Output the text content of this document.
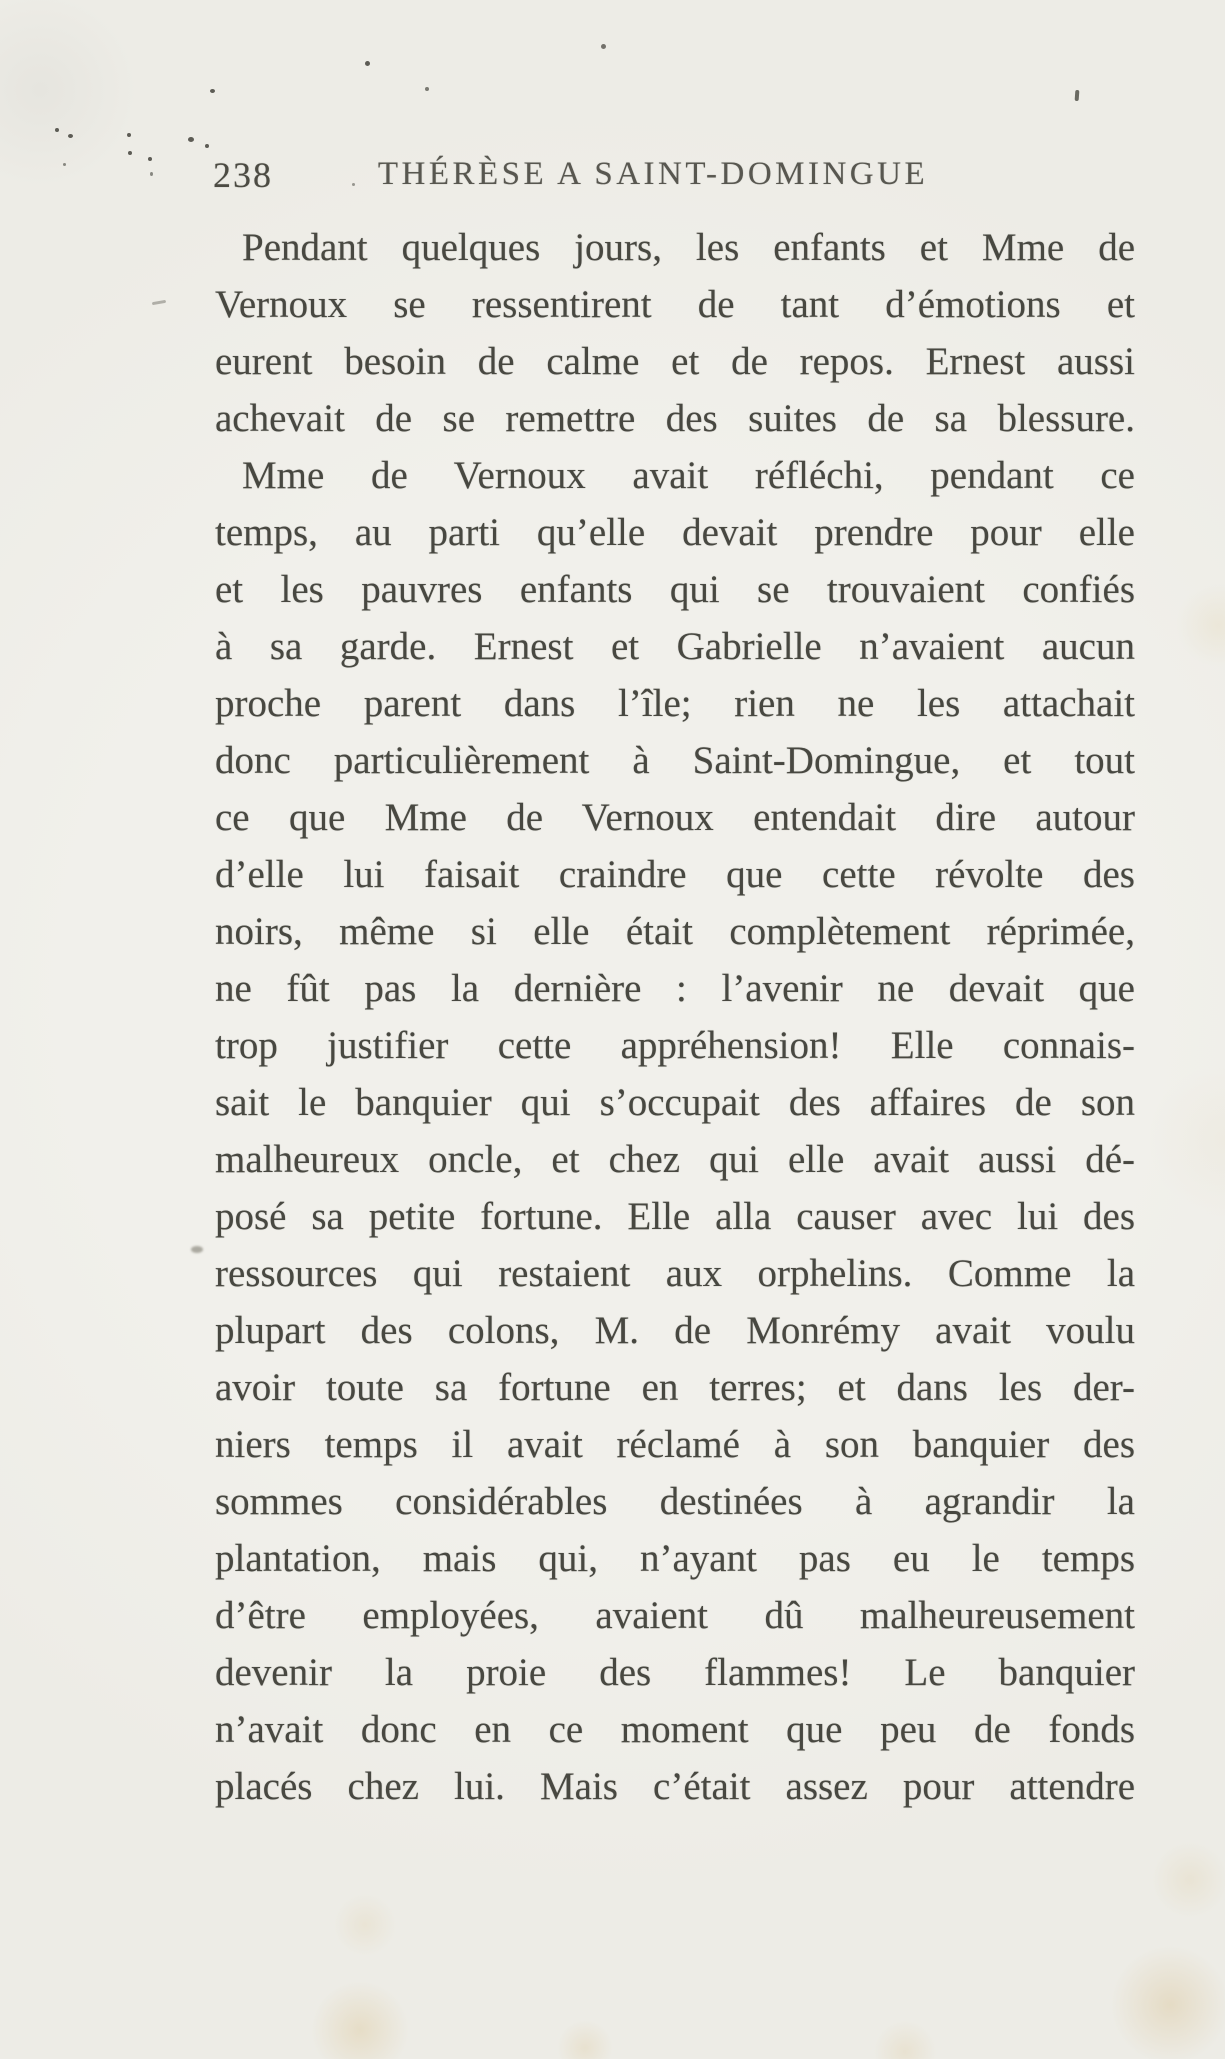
238	THÉRÈSE A SAINT-DOMINGUE
Pendant quelques jours, les enfants et Mme de
Vernoux se ressentirent de tant d’émotions et
eurent besoin de calme et de repos. Ernest aussi
achevait de se remettre des suites de sa blessure.
Mme de Vernoux avait réfléchi, pendant ce
temps, au parti qu’elle devait prendre pour elle
et les pauvres enfants qui se trouvaient confiés
à sa garde. Ernest et Gabrielle n’avaient aucun
proche parent dans l’île; rien ne les attachait
donc particulièrement à Saint-Domingue, et tout
ce que Mme de Vernoux entendait dire autour
d’elle lui faisait craindre que cette révolte des
noirs, même si elle était complètement réprimée,
ne fût pas la dernière : l’avenir ne devait que
trop justifier cette appréhension! Elle connais-
sait le banquier qui s’occupait des affaires de son
malheureux oncle, et chez qui elle avait aussi dé-
posé sa petite fortune. Elle alla causer avec lui des
ressources qui restaient aux orphelins. Comme la
plupart des colons, M. de Monrémy avait voulu
avoir toute sa fortune en terres; et dans les der-
niers temps il avait réclamé à son banquier des
sommes considérables destinées à agrandir la
plantation, mais qui, n’ayant pas eu le temps
d’être employées, avaient dû malheureusement
devenir la proie des flammes! Le banquier
n’avait donc en ce moment que peu de fonds
placés chez lui. Mais c’était assez pour attendre
